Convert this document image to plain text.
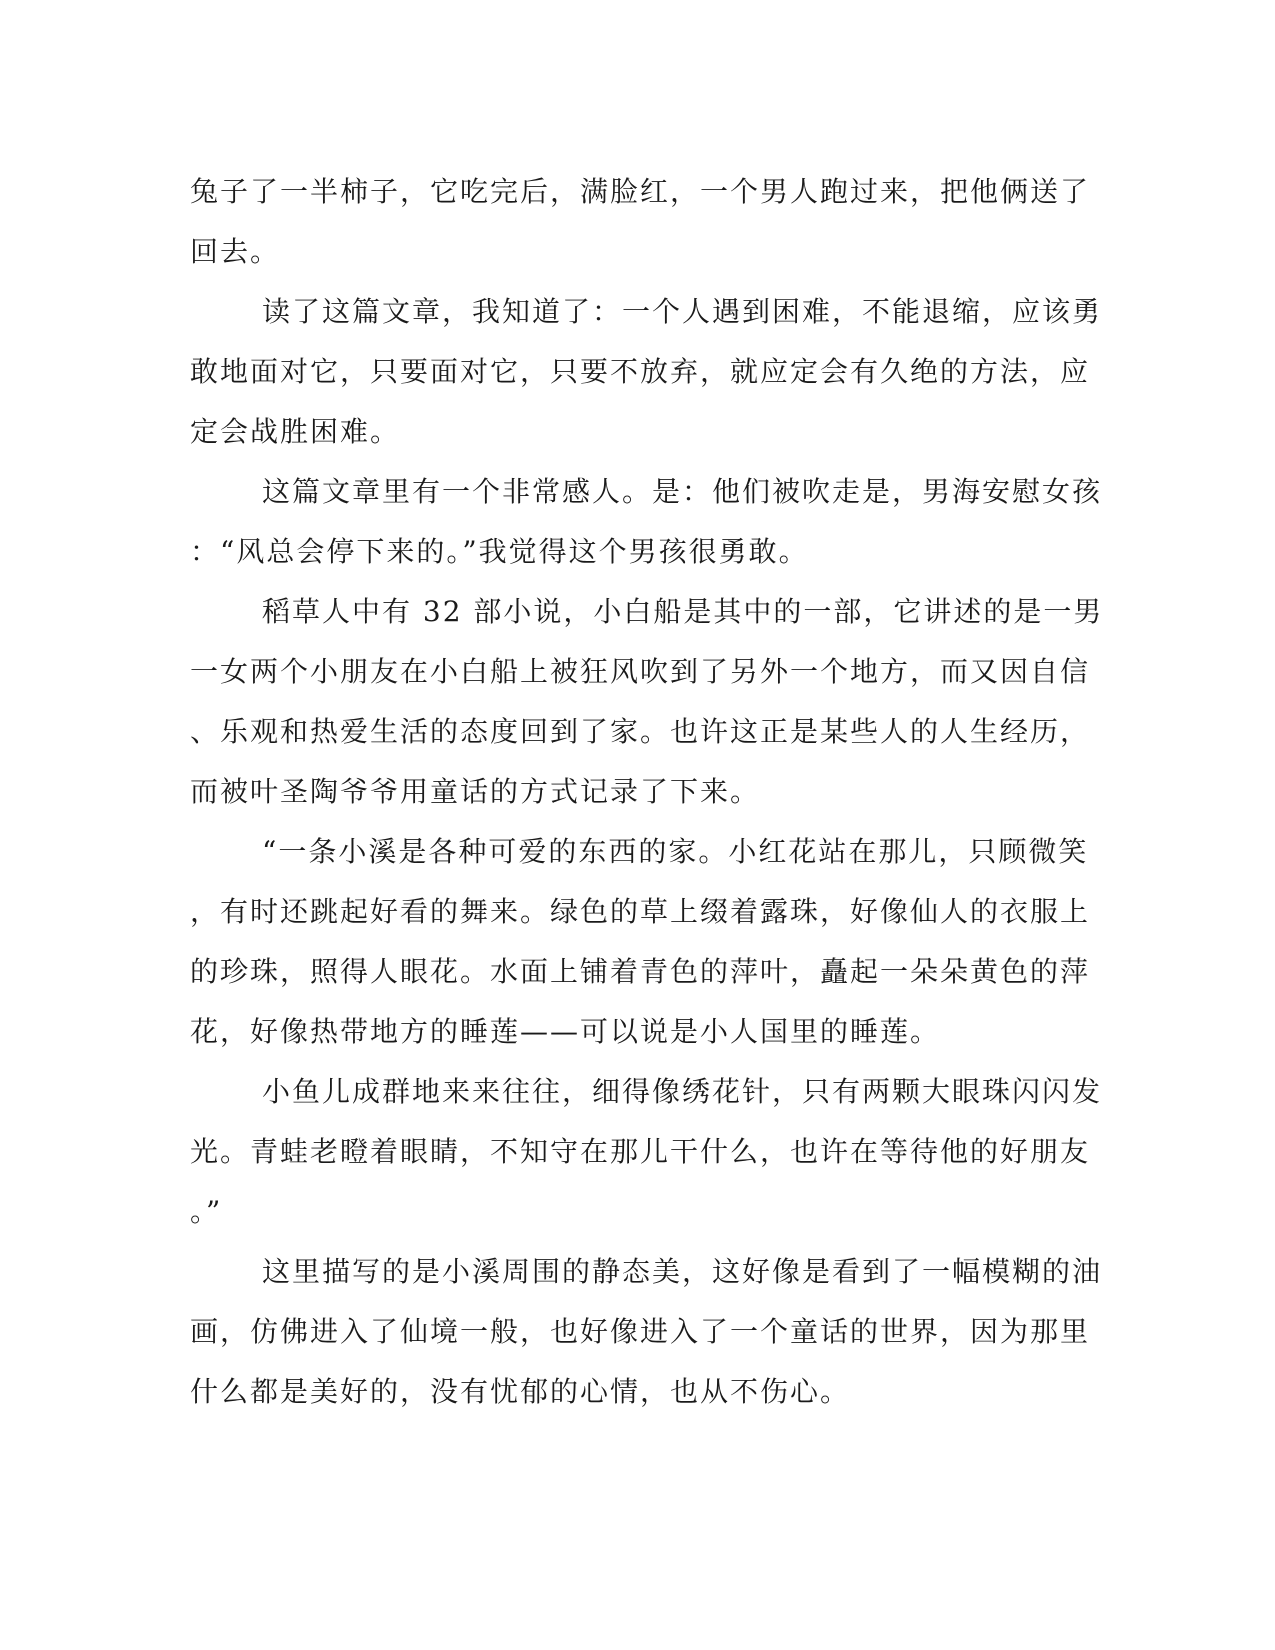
兔子了一半柿子，它吃完后，满脸红，一个男人跑过来，把他俩送了

回去。

读了这篇文章，我知道了：一个人遇到困难，不能退缩，应该勇

敢地面对它，只要面对它，只要不放弃，就应定会有久绝的方法，应

定会战胜困难。

这篇文章里有一个非常感人。是：他们被吹走是，男海安慰女孩

：“风总会停下来的。”我觉得这个男孩很勇敢。

稻草人中有 32 部小说，小白船是其中的一部，它讲述的是一男

一女两个小朋友在小白船上被狂风吹到了另外一个地方，而又因自信

、乐观和热爱生活的态度回到了家。也许这正是某些人的人生经历，

而被叶圣陶爷爷用童话的方式记录了下来。

“一条小溪是各种可爱的东西的家。小红花站在那儿，只顾微笑

，有时还跳起好看的舞来。绿色的草上缀着露珠，好像仙人的衣服上

的珍珠，照得人眼花。水面上铺着青色的萍叶，矗起一朵朵黄色的萍

花，好像热带地方的睡莲——可以说是小人国里的睡莲。

小鱼儿成群地来来往往，细得像绣花针，只有两颗大眼珠闪闪发

光。青蛙老瞪着眼睛，不知守在那儿干什么，也许在等待他的好朋友

。”

这里描写的是小溪周围的静态美，这好像是看到了一幅模糊的油

画，仿佛进入了仙境一般，也好像进入了一个童话的世界，因为那里

什么都是美好的，没有忧郁的心情，也从不伤心。
